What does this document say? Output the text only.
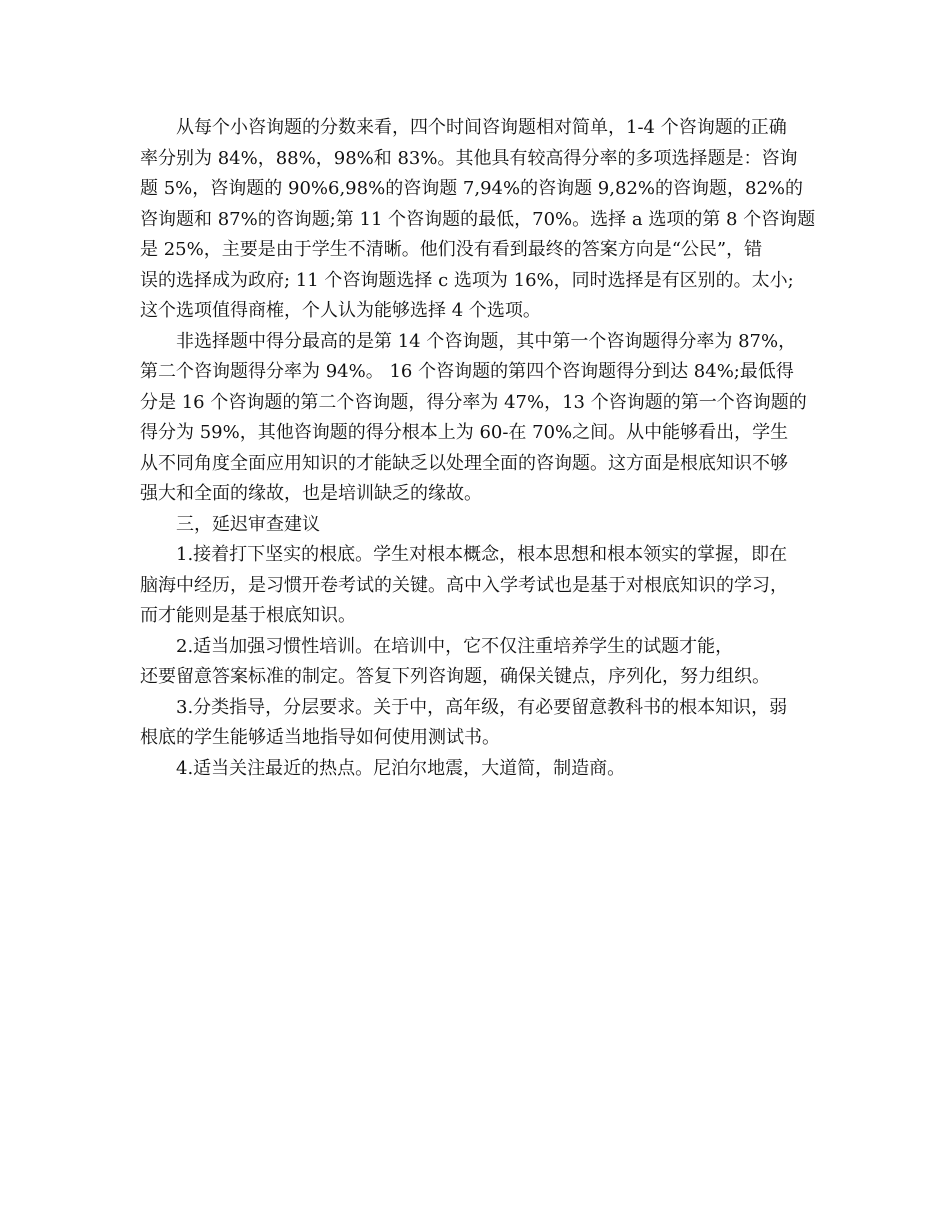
从每个小咨询题的分数来看，四个时间咨询题相对简单，1-4 个咨询题的正确
率分别为 84%，88%，98%和 83%。其他具有较高得分率的多项选择题是：咨询
题 5%，咨询题的 90%6,98%的咨询题 7,94%的咨询题 9,82%的咨询题，82%的
咨询题和 87%的咨询题;第 11 个咨询题的最低，70%。选择 a 选项的第 8 个咨询题
是 25%，主要是由于学生不清晰。他们没有看到最终的答案方向是“公民”，错
误的选择成为政府; 11 个咨询题选择 c 选项为 16%，同时选择是有区别的。太小;
这个选项值得商榷，个人认为能够选择 4 个选项。
非选择题中得分最高的是第 14 个咨询题，其中第一个咨询题得分率为 87%，
第二个咨询题得分率为 94%。 16 个咨询题的第四个咨询题得分到达 84%;最低得
分是 16 个咨询题的第二个咨询题，得分率为 47%，13 个咨询题的第一个咨询题的
得分为 59%，其他咨询题的得分根本上为 60-在 70%之间。从中能够看出，学生
从不同角度全面应用知识的才能缺乏以处理全面的咨询题。这方面是根底知识不够
强大和全面的缘故，也是培训缺乏的缘故。
三，延迟审查建议
1.接着打下坚实的根底。学生对根本概念，根本思想和根本领实的掌握，即在
脑海中经历，是习惯开卷考试的关键。高中入学考试也是基于对根底知识的学习，
而才能则是基于根底知识。
2.适当加强习惯性培训。在培训中，它不仅注重培养学生的试题才能，
还要留意答案标准的制定。答复下列咨询题，确保关键点，序列化，努力组织。
3.分类指导，分层要求。关于中，高年级，有必要留意教科书的根本知识，弱
根底的学生能够适当地指导如何使用测试书。
4.适当关注最近的热点。尼泊尔地震，大道简，制造商。
